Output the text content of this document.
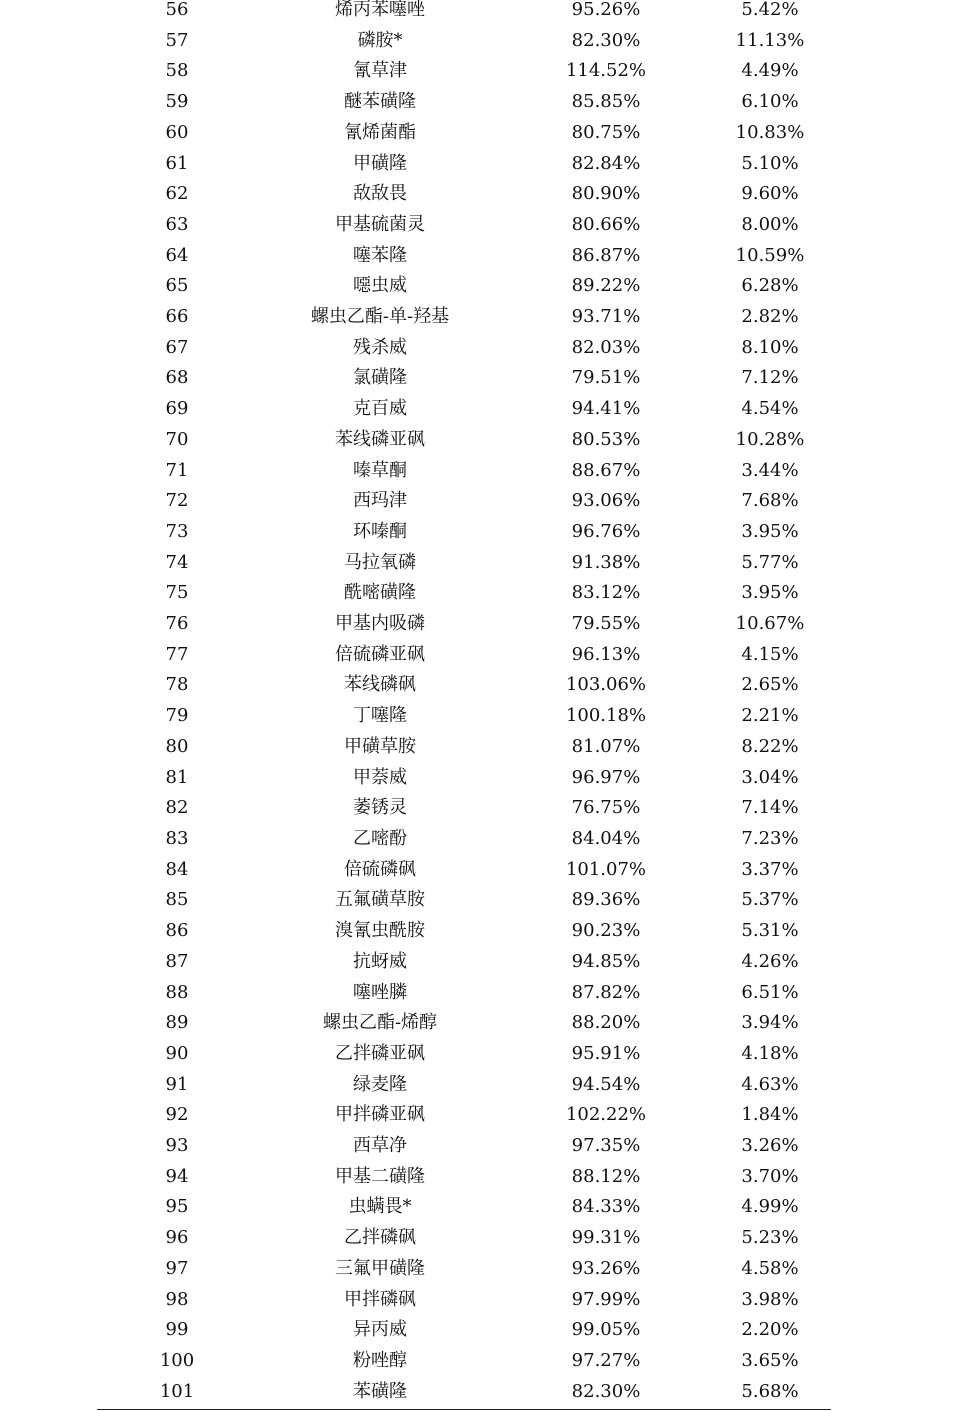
56	烯丙苯噻唑	95.26%	5.42%
57	磷胺*	82.30%	11.13%
58	氰草津	114.52%	4.49%
59	醚苯磺隆	85.85%	6.10%
60	氰烯菌酯	80.75%	10.83%
61	甲磺隆	82.84%	5.10%
62	敌敌畏	80.90%	9.60%
63	甲基硫菌灵	80.66%	8.00%
64	噻苯隆	86.87%	10.59%
65	噁虫威	89.22%	6.28%
66	螺虫乙酯-单-羟基	93.71%	2.82%
67	残杀威	82.03%	8.10%
68	氯磺隆	79.51%	7.12%
69	克百威	94.41%	4.54%
70	苯线磷亚砜	80.53%	10.28%
71	嗪草酮	88.67%	3.44%
72	西玛津	93.06%	7.68%
73	环嗪酮	96.76%	3.95%
74	马拉氧磷	91.38%	5.77%
75	酰嘧磺隆	83.12%	3.95%
76	甲基内吸磷	79.55%	10.67%
77	倍硫磷亚砜	96.13%	4.15%
78	苯线磷砜	103.06%	2.65%
79	丁噻隆	100.18%	2.21%
80	甲磺草胺	81.07%	8.22%
81	甲萘威	96.97%	3.04%
82	萎锈灵	76.75%	7.14%
83	乙嘧酚	84.04%	7.23%
84	倍硫磷砜	101.07%	3.37%
85	五氟磺草胺	89.36%	5.37%
86	溴氰虫酰胺	90.23%	5.31%
87	抗蚜威	94.85%	4.26%
88	噻唑膦	87.82%	6.51%
89	螺虫乙酯-烯醇	88.20%	3.94%
90	乙拌磷亚砜	95.91%	4.18%
91	绿麦隆	94.54%	4.63%
92	甲拌磷亚砜	102.22%	1.84%
93	西草净	97.35%	3.26%
94	甲基二磺隆	88.12%	3.70%
95	虫螨畏*	84.33%	4.99%
96	乙拌磷砜	99.31%	5.23%
97	三氟甲磺隆	93.26%	4.58%
98	甲拌磷砜	97.99%	3.98%
99	异丙威	99.05%	2.20%
100	粉唑醇	97.27%	3.65%
101	苯磺隆	82.30%	5.68%
